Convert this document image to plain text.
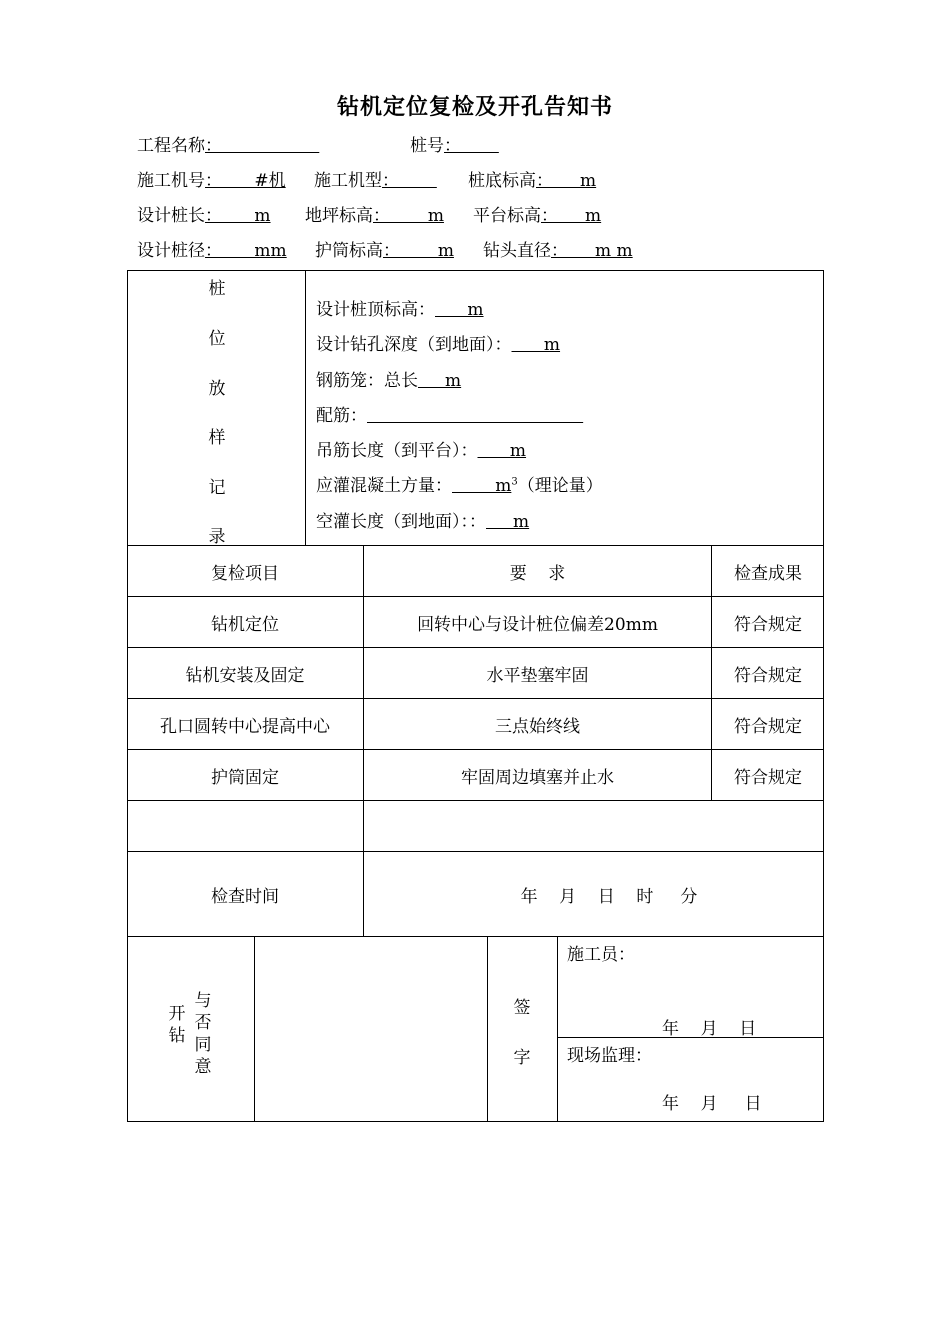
钻机定位复检及开孔告知书
工程名称：	桩号：
施工机号：      #机 施工机型： 桩底标高：     m
设计桩长：      m 地坪标高：       m 平台标高：     m
设计桩径：      mm 护筒标高：       m 钻头直径：     m m
桩
位
放
样
记
录
设计桩顶标高：      m
设计钻孔深度（到地面）：      m
钢筋笼：总长     m
配筋：
吊筋长度（到平台）：      m
应灌混凝土方量：        $m^3$（理论量）
空灌长度（到地面）：：     m
复检项目	要    求	检查成果
钻机定位	回转中心与设计桩位偏差20mm	符合规定
钻机安装及固定	水平垫塞牢固	符合规定
孔口圆转中心提高中心	三点始终线	符合规定
护筒固定	牢固周边填塞并止水	符合规定
检查时间	年    月    日    时     分
开钻
与否同意
签
字
施工员：
年    月    日
现场监理：
年    月     日
